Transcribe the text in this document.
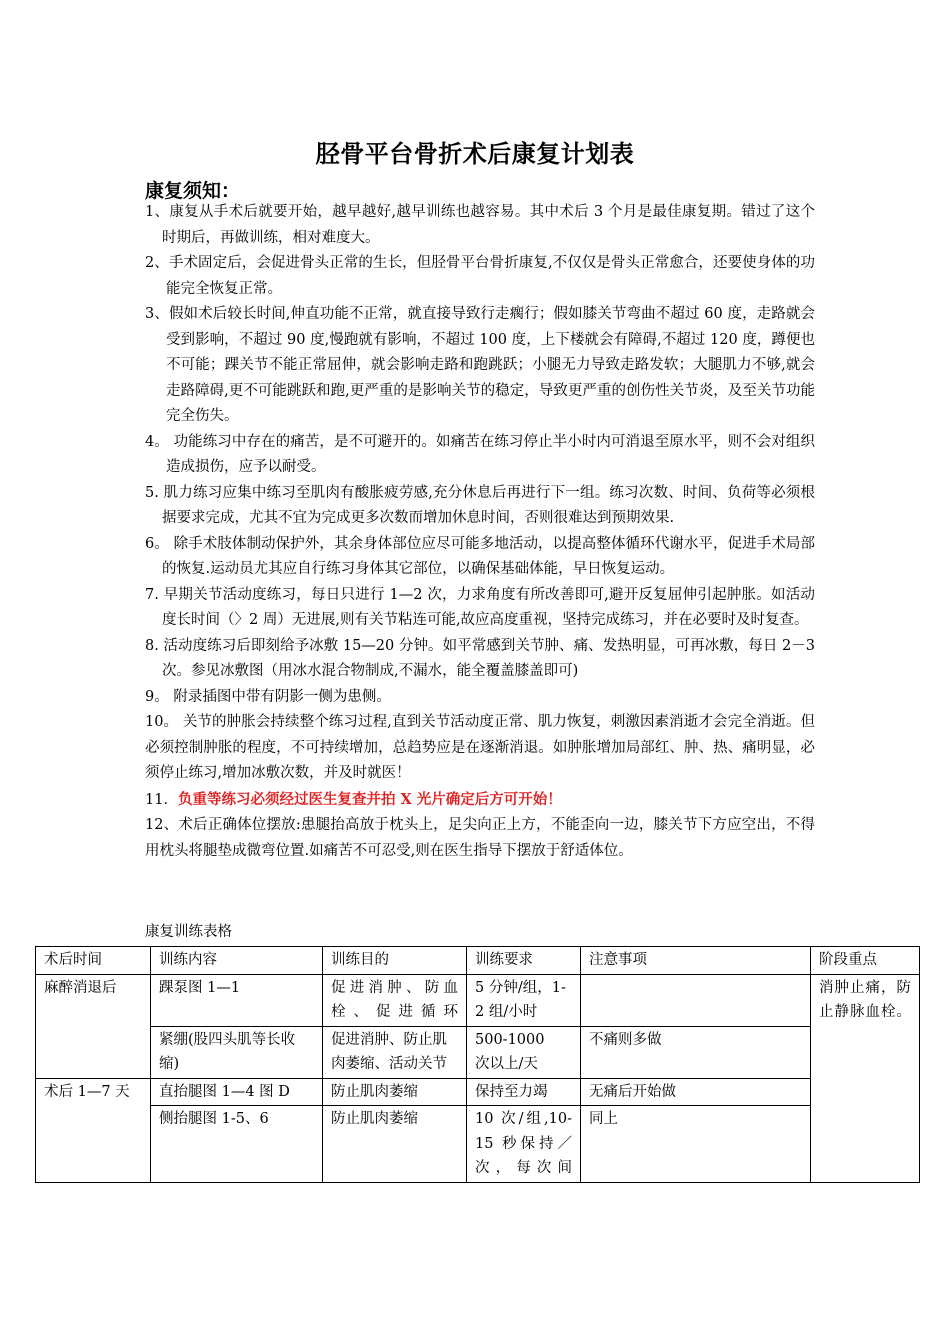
胫骨平台骨折术后康复计划表
康复须知：

1、康复从手术后就要开始，越早越好,越早训练也越容易。其中术后 3 个月是最佳康复期。错过了这个时期后，再做训练，相对难度大。

2、手术固定后，会促进骨头正常的生长，但胫骨平台骨折康复,不仅仅是骨头正常愈合，还要使身体的功能完全恢复正常。

3、假如术后较长时间,伸直功能不正常，就直接导致行走瘸行；假如膝关节弯曲不超过 60 度，走路就会受到影响，不超过 90 度,慢跑就有影响，不超过 100 度，上下楼就会有障碍,不超过 120 度，蹲便也不可能；踝关节不能正常屈伸，就会影响走路和跑跳跃；小腿无力导致走路发软；大腿肌力不够,就会走路障碍,更不可能跳跃和跑,更严重的是影响关节的稳定，导致更严重的创伤性关节炎，及至关节功能完全伤失。

4。 功能练习中存在的痛苦，是不可避开的。如痛苦在练习停止半小时内可消退至原水平，则不会对组织造成损伤，应予以耐受。

5. 肌力练习应集中练习至肌肉有酸胀疲劳感,充分休息后再进行下一组。练习次数、时间、负荷等必须根据要求完成，尤其不宜为完成更多次数而增加休息时间，否则很难达到预期效果.

6。 除手术肢体制动保护外，其余身体部位应尽可能多地活动，以提高整体循环代谢水平，促进手术局部的恢复.运动员尤其应自行练习身体其它部位，以确保基础体能，早日恢复运动。

7. 早期关节活动度练习，每日只进行 1—2 次，力求角度有所改善即可,避开反复屈伸引起肿胀。如活动度长时间（〉2 周）无进展,则有关节粘连可能,故应高度重视，坚持完成练习，并在必要时及时复查。

8. 活动度练习后即刻给予冰敷 15—20 分钟。如平常感到关节肿、痛、发热明显，可再冰敷，每日 2－3 次。参见冰敷图（用冰水混合物制成,不漏水，能全覆盖膝盖即可)

9。 附录插图中带有阴影一侧为患侧。

10。 关节的肿胀会持续整个练习过程,直到关节活动度正常、肌力恢复，刺激因素消逝才会完全消逝。但必须控制肿胀的程度，不可持续增加，总趋势应是在逐渐消退。如肿胀增加局部红、肿、热、痛明显，必须停止练习,增加冰敷次数，并及时就医！

11．负重等练习必须经过医生复查并拍 X 光片确定后方可开始！

12、术后正确体位摆放:患腿抬高放于枕头上，足尖向正上方，不能歪向一边，膝关节下方应空出，不得用枕头将腿垫成微弯位置.如痛苦不可忍受,则在医生指导下摆放于舒适体位。

康复训练表格
术后时间	训练内容	训练目的	训练要求	注意事项	阶段重点
麻醉消退后	踝泵图 1—1	促进消肿、防血栓、促进循环	5 分钟/组，1-2 组/小时		消肿止痛，防止静脉血栓。
	紧绷(股四头肌等长收缩)	促进消肿、防止肌肉萎缩、活动关节	500-1000　次以上/天	不痛则多做	
术后 1—7 天	直抬腿图 1—4 图 D	防止肌肉萎缩	保持至力竭	无痛后开始做	
	侧抬腿图 1-5、6	防止肌肉萎缩	10 次/组,10-15 秒保持／次，每次间	同上	
